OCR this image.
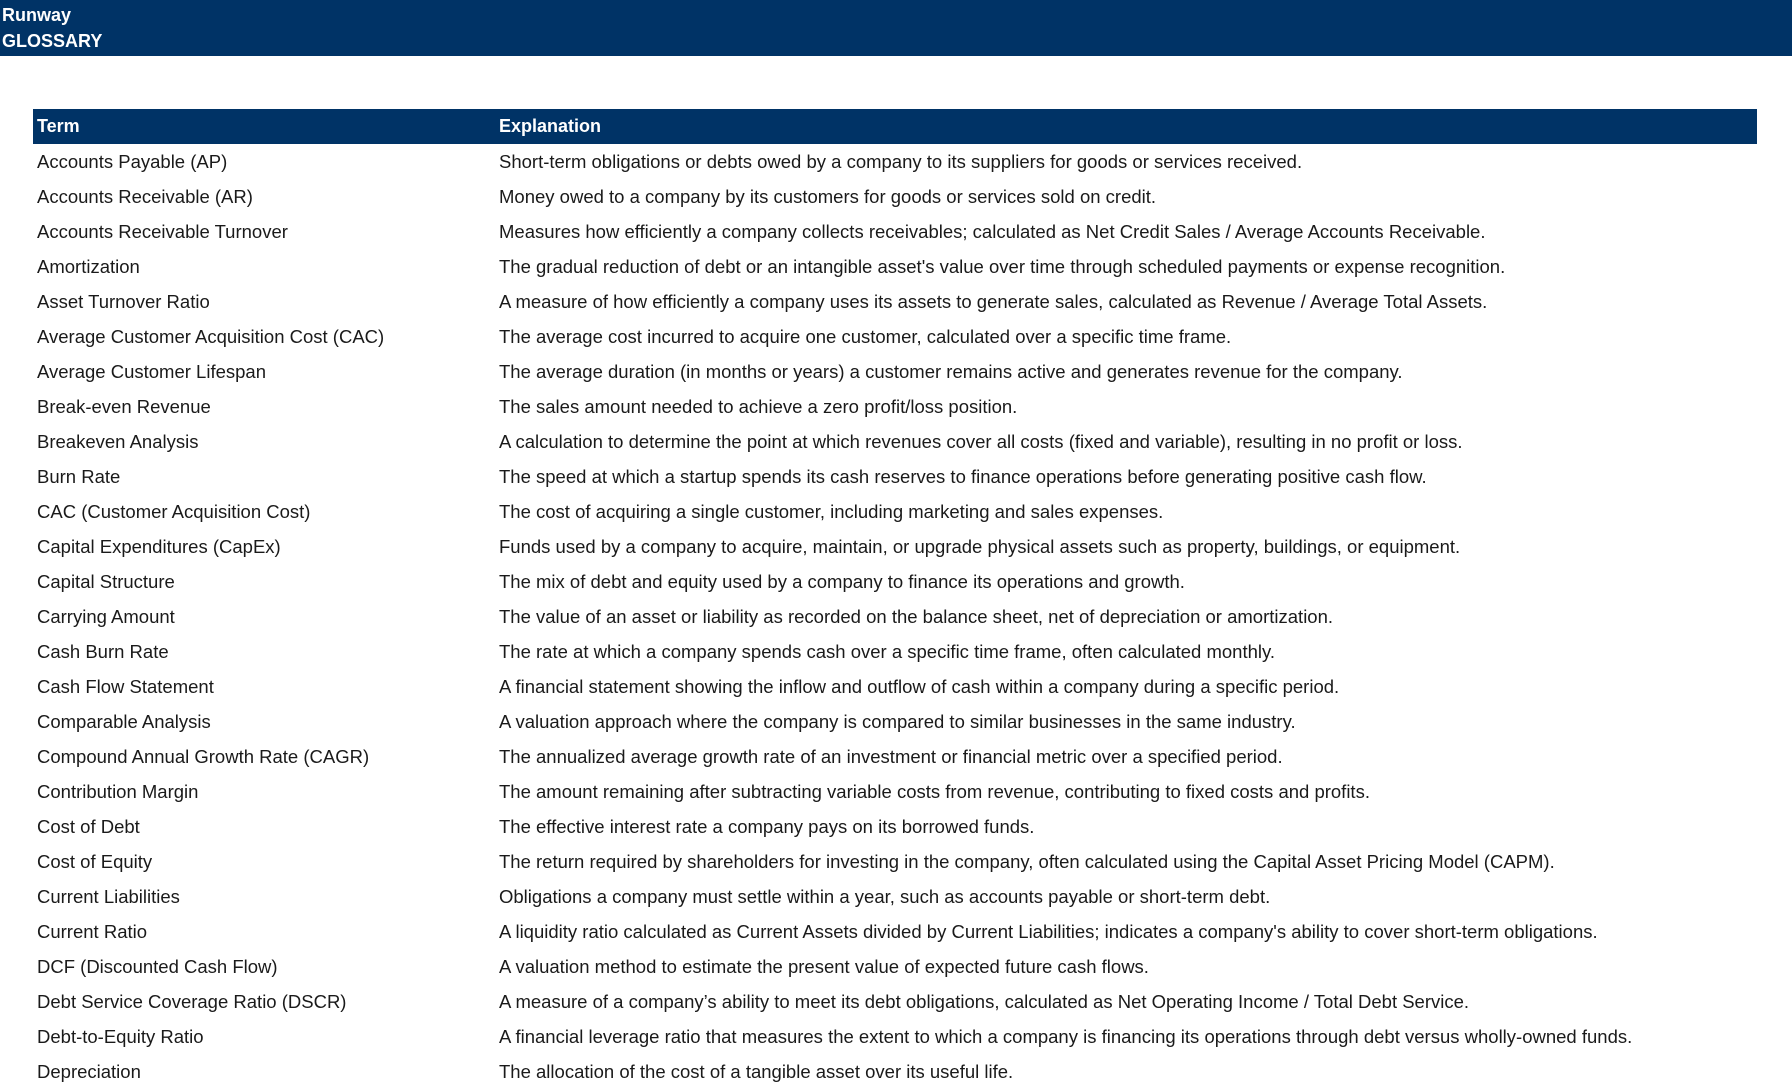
Runway
GLOSSARY
Term	Explanation
Accounts Payable (AP)	Short-term obligations or debts owed by a company to its suppliers for goods or services received.
Accounts Receivable (AR)	Money owed to a company by its customers for goods or services sold on credit.
Accounts Receivable Turnover	Measures how efficiently a company collects receivables; calculated as Net Credit Sales / Average Accounts Receivable.
Amortization	The gradual reduction of debt or an intangible asset's value over time through scheduled payments or expense recognition.
Asset Turnover Ratio	A measure of how efficiently a company uses its assets to generate sales, calculated as Revenue / Average Total Assets.
Average Customer Acquisition Cost (CAC)	The average cost incurred to acquire one customer, calculated over a specific time frame.
Average Customer Lifespan	The average duration (in months or years) a customer remains active and generates revenue for the company.
Break-even Revenue	The sales amount needed to achieve a zero profit/loss position.
Breakeven Analysis	A calculation to determine the point at which revenues cover all costs (fixed and variable), resulting in no profit or loss.
Burn Rate	The speed at which a startup spends its cash reserves to finance operations before generating positive cash flow.
CAC (Customer Acquisition Cost)	The cost of acquiring a single customer, including marketing and sales expenses.
Capital Expenditures (CapEx)	Funds used by a company to acquire, maintain, or upgrade physical assets such as property, buildings, or equipment.
Capital Structure	The mix of debt and equity used by a company to finance its operations and growth.
Carrying Amount	The value of an asset or liability as recorded on the balance sheet, net of depreciation or amortization.
Cash Burn Rate	The rate at which a company spends cash over a specific time frame, often calculated monthly.
Cash Flow Statement	A financial statement showing the inflow and outflow of cash within a company during a specific period.
Comparable Analysis	A valuation approach where the company is compared to similar businesses in the same industry.
Compound Annual Growth Rate (CAGR)	The annualized average growth rate of an investment or financial metric over a specified period.
Contribution Margin	The amount remaining after subtracting variable costs from revenue, contributing to fixed costs and profits.
Cost of Debt	The effective interest rate a company pays on its borrowed funds.
Cost of Equity	The return required by shareholders for investing in the company, often calculated using the Capital Asset Pricing Model (CAPM).
Current Liabilities	Obligations a company must settle within a year, such as accounts payable or short-term debt.
Current Ratio	A liquidity ratio calculated as Current Assets divided by Current Liabilities; indicates a company's ability to cover short-term obligations.
DCF (Discounted Cash Flow)	A valuation method to estimate the present value of expected future cash flows.
Debt Service Coverage Ratio (DSCR)	A measure of a company’s ability to meet its debt obligations, calculated as Net Operating Income / Total Debt Service.
Debt-to-Equity Ratio	A financial leverage ratio that measures the extent to which a company is financing its operations through debt versus wholly-owned funds.
Depreciation	The allocation of the cost of a tangible asset over its useful life.
